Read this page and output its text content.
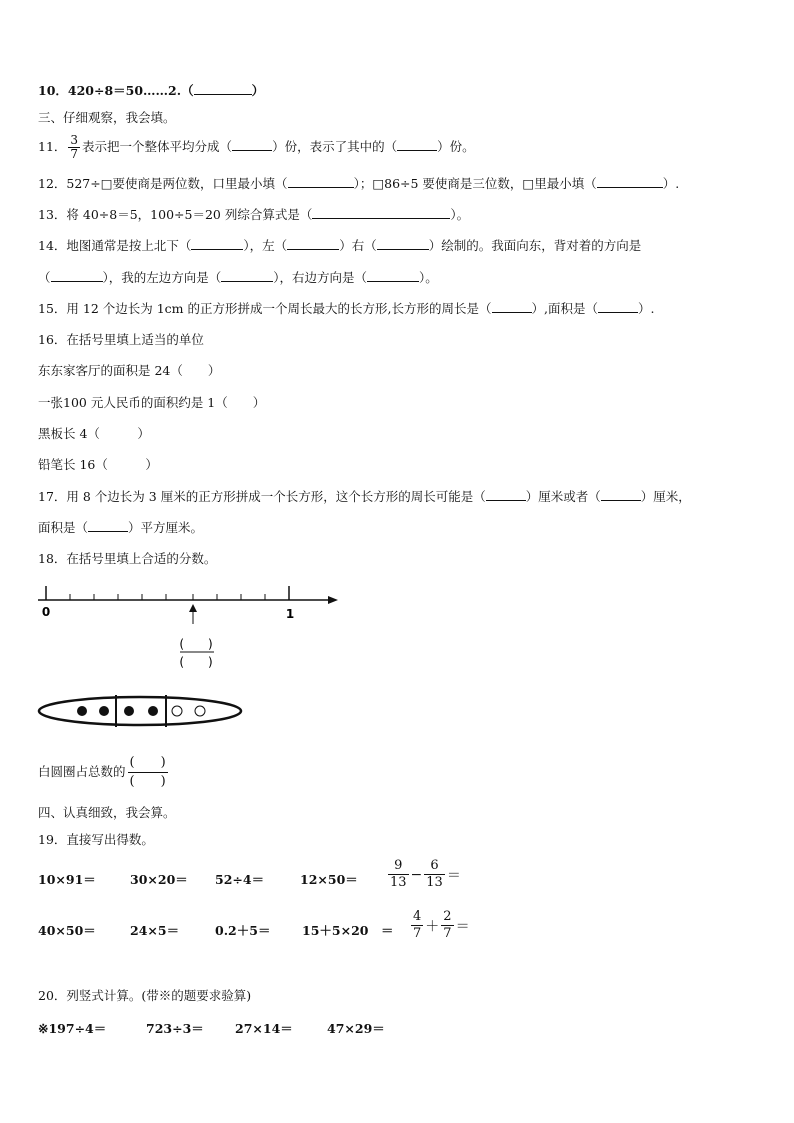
10．420÷8＝50……2.（	）
三、仔细观察，我会填。
11． $\frac{3}{7}$ 表示把一个整体平均分成（	）份，表示了其中的（	）份。
12．527÷□要使商是两位数，口里最小填（	）；□86÷5 要使商是三位数，□里最小填（	）.
13．将 40÷8＝5，100÷5＝20 列综合算式是（	）。
14．地图通常是按上北下（	），左（	）右（	）绘制的。我面向东，背对着的方向是
（	），我的左边方向是（	），右边方向是（	）。
15．用 12 个边长为 1cm 的正方形拼成一个周长最大的长方形,长方形的周长是（	）,面积是（	）.
16．在括号里填上适当的单位
东东家客厅的面积是 24（　　）
一张100 元人民币的面积约是 1（　　）
黑板长 4（　　　）
铅笔长 16（　　　）
17．用 8 个边长为 3 厘米的正方形拼成一个长方形，这个长方形的周长可能是（	）厘米或者（	）厘米，
面积是（	）平方厘米。
18．在括号里填上合适的分数。
0	1
(　　)
(　　)
白圆圈占总数的 $\frac{( )}{( )}$
四、认真细致，我会算。
19．直接写出得数。
10×91＝	30×20＝ 52÷4＝	$12\times 50= \frac{9}{13} - \frac{6}{13}$ ＝
40×50＝	24×5＝	0.2＋5＝	15＋5×20　＝ $\frac{4}{7} + \frac{2}{7}$ ＝
20．列竖式计算。(带※的题要求验算)
※197÷4＝	723÷3＝ 27×14＝	47×29＝
